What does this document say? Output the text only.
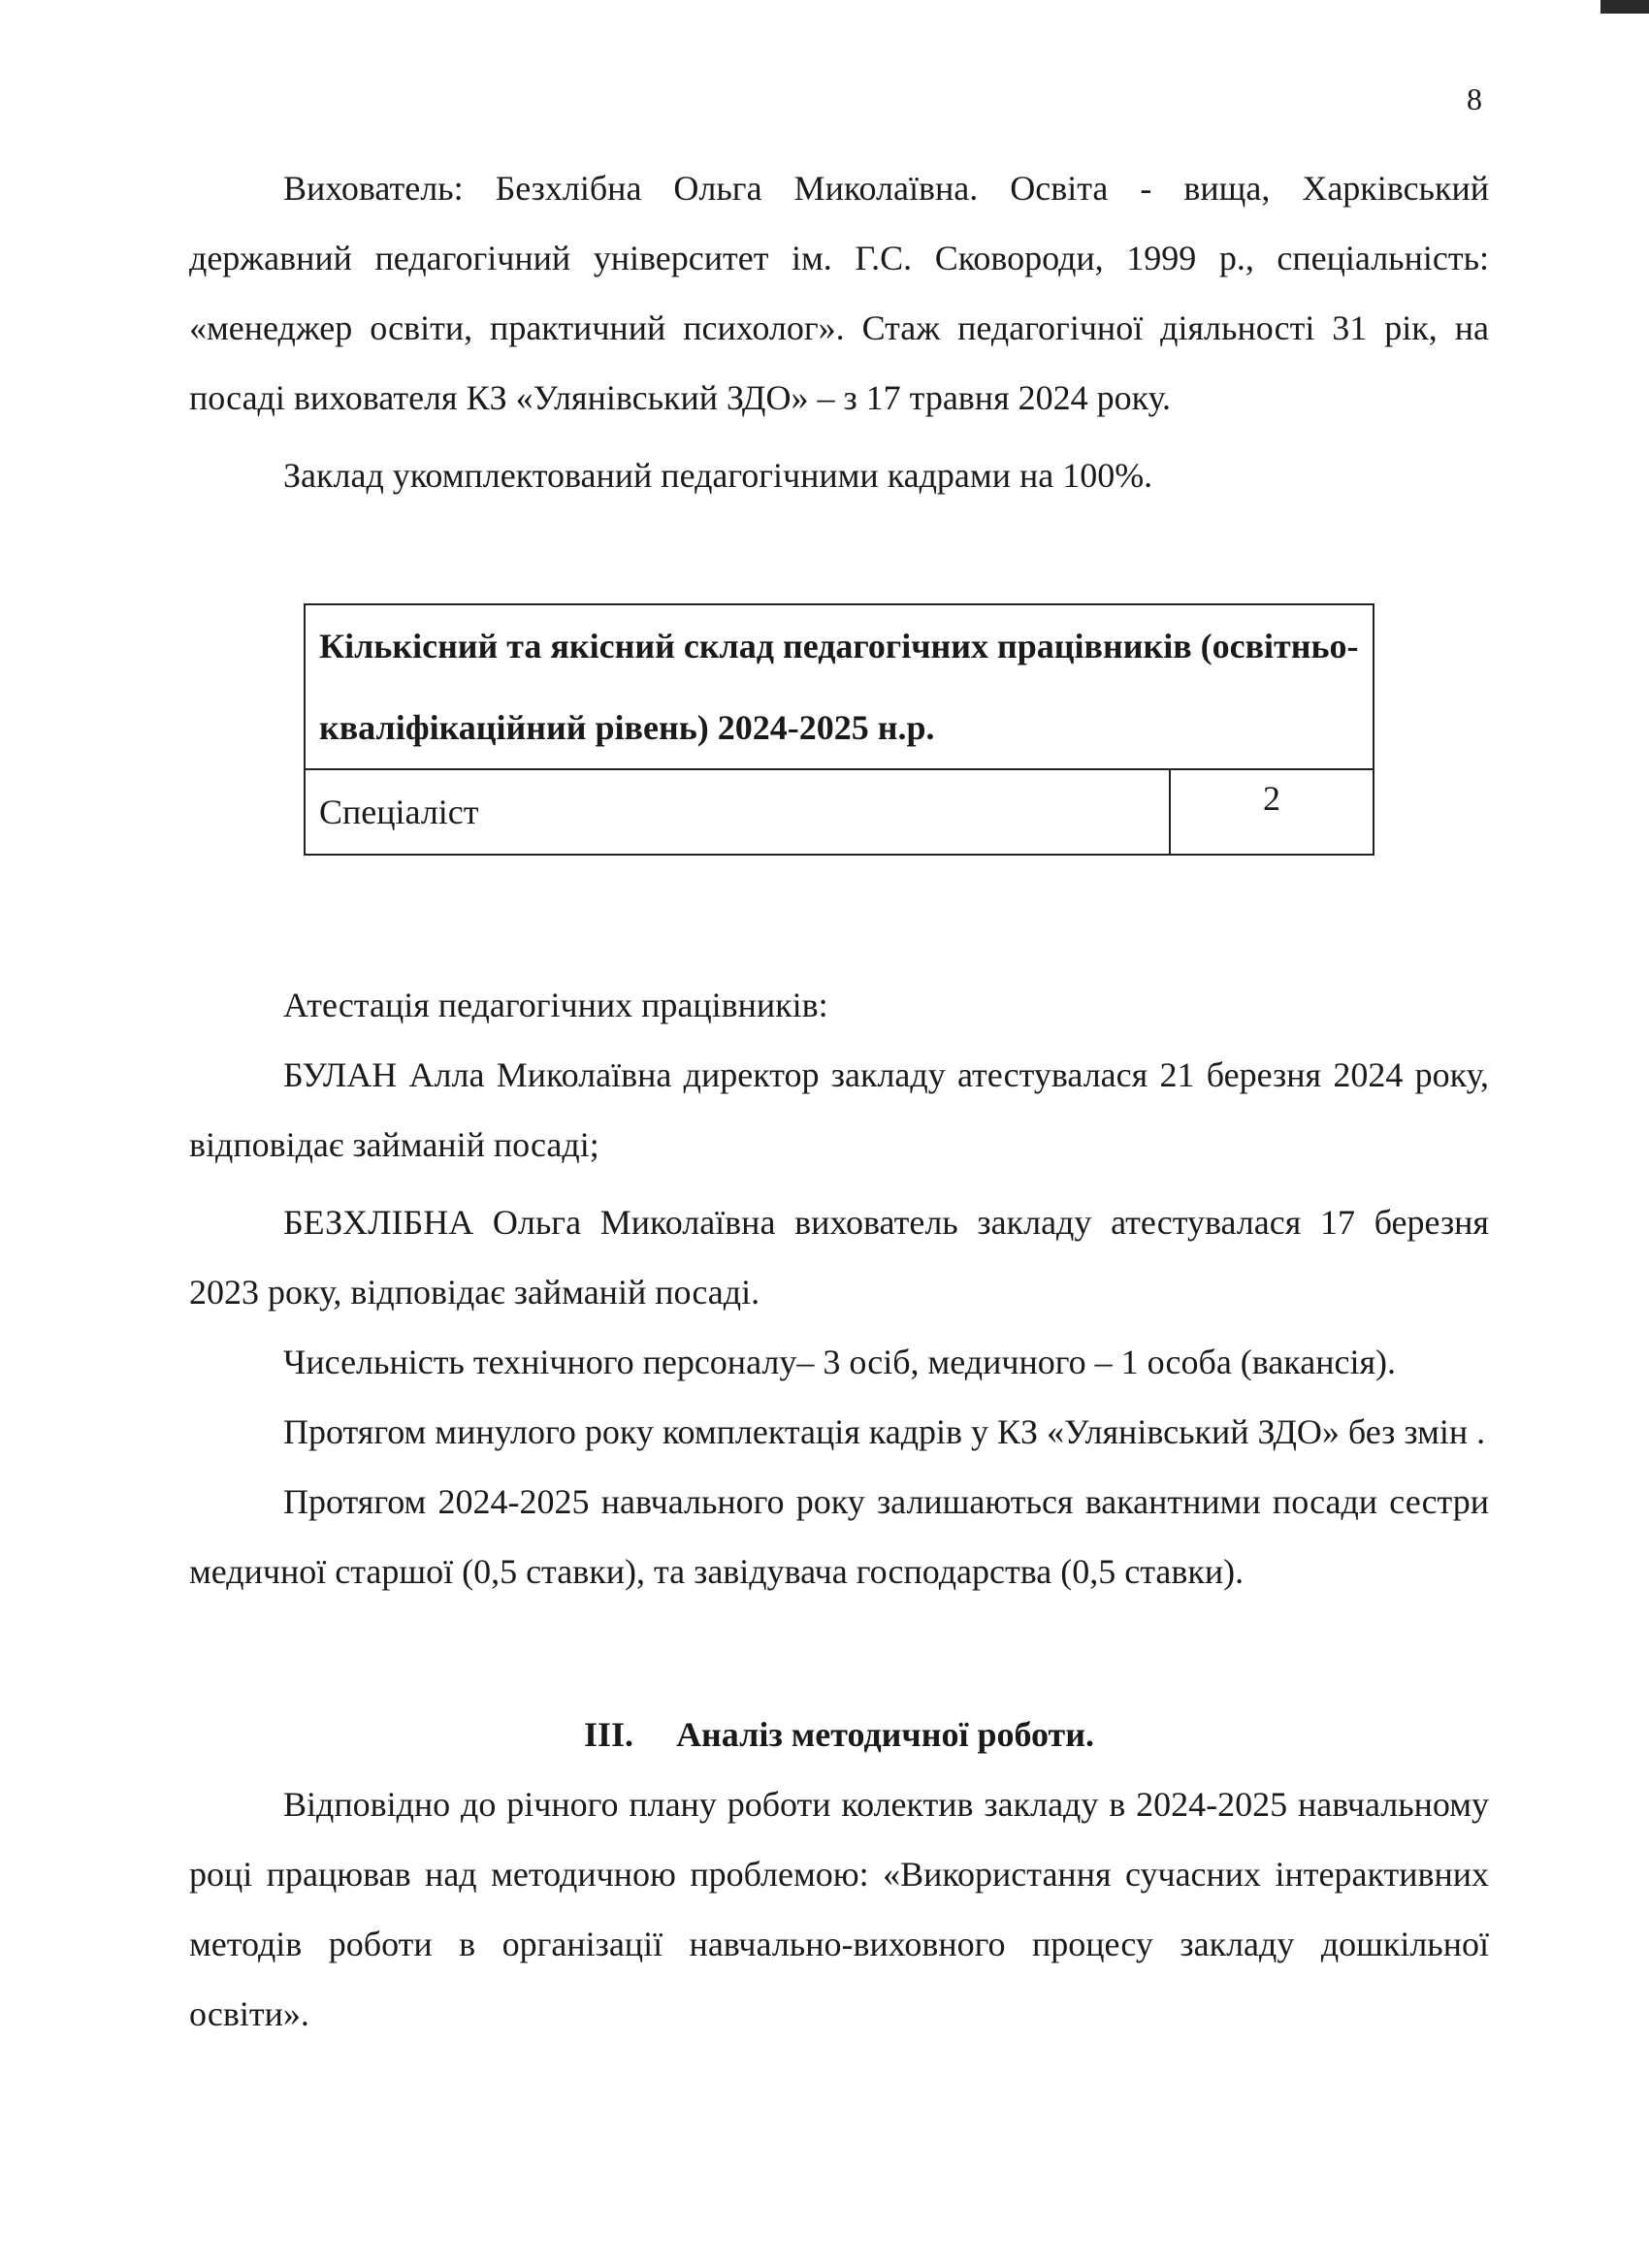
8

Вихователь: Безхлібна Ольга Миколаївна. Освіта - вища, Харківський державний педагогічний університет ім. Г.С. Сковороди, 1999 р., спеціальність: «менеджер освіти, практичний психолог». Стаж педагогічної діяльності 31 рік, на посаді вихователя КЗ «Улянівський ЗДО» – з 17 травня 2024 року.

Заклад укомплектований педагогічними кадрами на 100%.

Кількісний та якісний склад педагогічних працівників (освітньо- кваліфікаційний рівень) 2024-2025 н.р.
Спеціаліст	2

Атестація педагогічних працівників:

БУЛАН Алла Миколаївна директор закладу атестувалася 21 березня 2024 року, відповідає займаній посаді;

БЕЗХЛІБНА Ольга Миколаївна вихователь закладу атестувалася 17 березня 2023 року, відповідає займаній посаді.

Чисельність технічного персоналу– 3 осіб, медичного – 1 особа (вакансія).

Протягом минулого року комплектація кадрів у КЗ «Улянівський ЗДО» без змін .

Протягом 2024-2025 навчального року залишаються вакантними посади сестри медичної старшої (0,5 ставки), та завідувача господарства (0,5 ставки).

ІІІ. Аналіз методичної роботи.

Відповідно до річного плану роботи колектив закладу в 2024-2025 навчальному році працював над методичною проблемою: «Використання сучасних інтерактивних методів роботи в організації навчально-виховного процесу закладу дошкільної освіти».
